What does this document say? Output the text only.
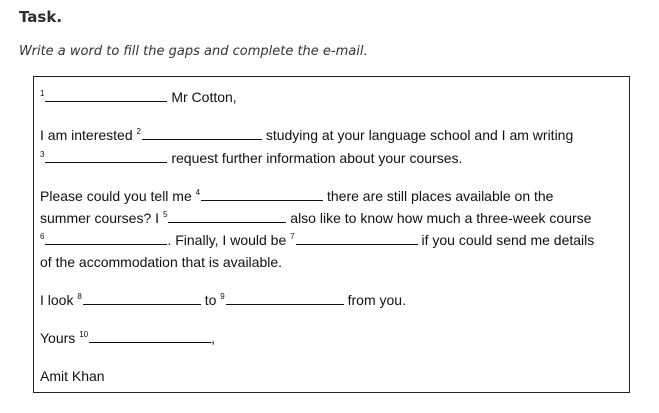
Task.
Write a word to fill the gaps and complete the e-mail.
$^1$	Mr Cotton,
I am interested $^2$	studying at your language school and I am writing
$^3$	request further information about your courses.
Please could you tell me $^4$	there are still places available on the
summer courses? I $^5$	also like to know how much a three-week course
$^6$	. Finally, I would be $^7$	if you could send me details
of the accommodation that is available.
I look $^8$	to $^9$	from you.
Yours $^{10}$	,
Amit Khan
